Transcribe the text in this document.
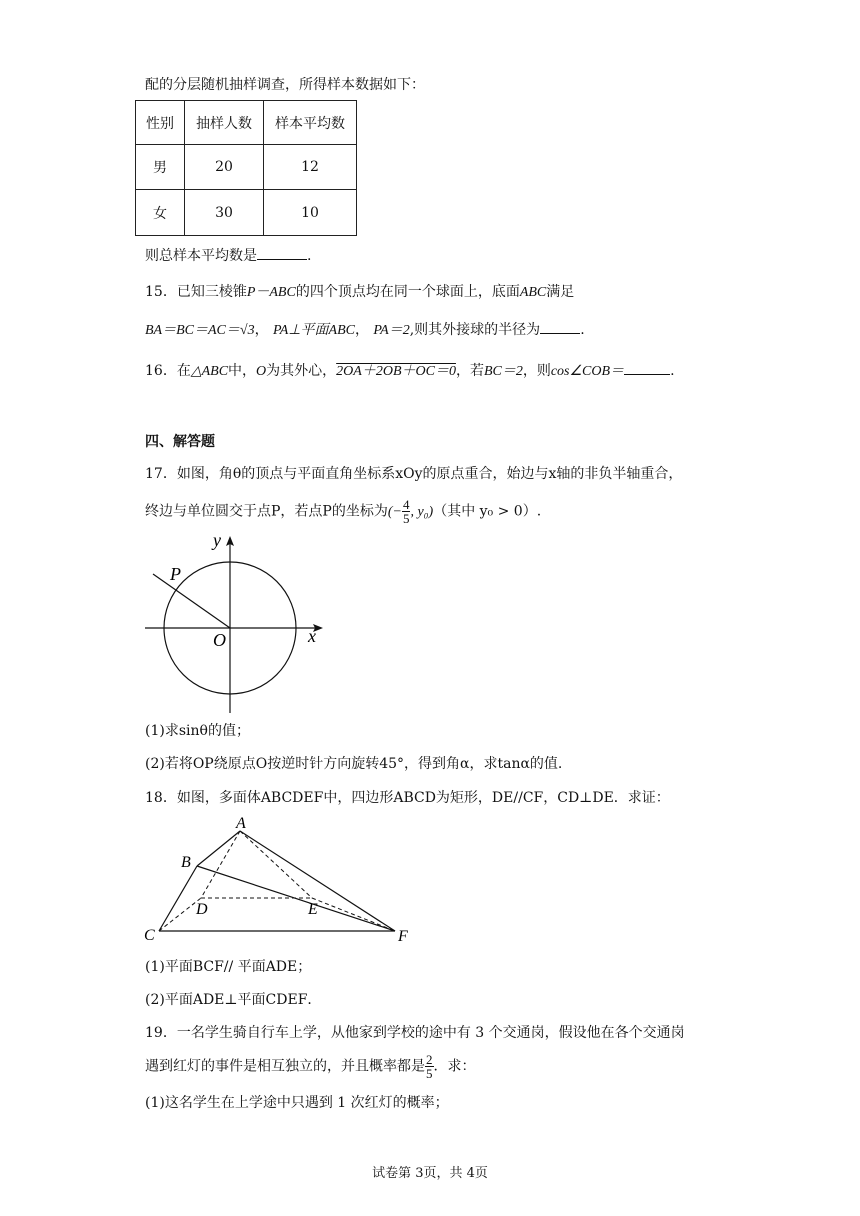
配的分层随机抽样调查，所得样本数据如下：
性别	抽样人数	样本平均数
男	20	12
女	30	10
则总样本平均数是	.
15．已知三棱锥P－ABC的四个顶点均在同一个球面上，底面ABC满足
BA＝BC＝AC＝√3， PA⊥平面ABC， PA＝2,则其外接球的半径为	.
16．在△ABC中，O为其外心，2OA＋2OB＋OC＝0，若BC＝2，则cos∠COB＝	.
四、解答题
17．如图，角θ的顶点与平面直角坐标系xOy的原点重合，始边与x轴的非负半轴重合，
终边与单位圆交于点P，若点P的坐标为(− $\frac{4}{5}$ , y₀)（其中 y₀ > 0）.
y
x
O
P
(1)求sinθ的值；
(2)若将OP绕原点O按逆时针方向旋转45°，得到角α，求tanα的值.
18．如图，多面体ABCDEF中，四边形ABCD为矩形，DE//CF，CD⊥DE．求证：
A
B
C
D	E
F
(1)平面BCF// 平面ADE；
(2)平面ADE⊥平面CDEF．
19．一名学生骑自行车上学，从他家到学校的途中有 3 个交通岗，假设他在各个交通岗
遇到红灯的事件是相互独立的，并且概率都是 $\frac{2}{5}$ ．求：
(1)这名学生在上学途中只遇到 1 次红灯的概率；
试卷第 3页，共 4页
